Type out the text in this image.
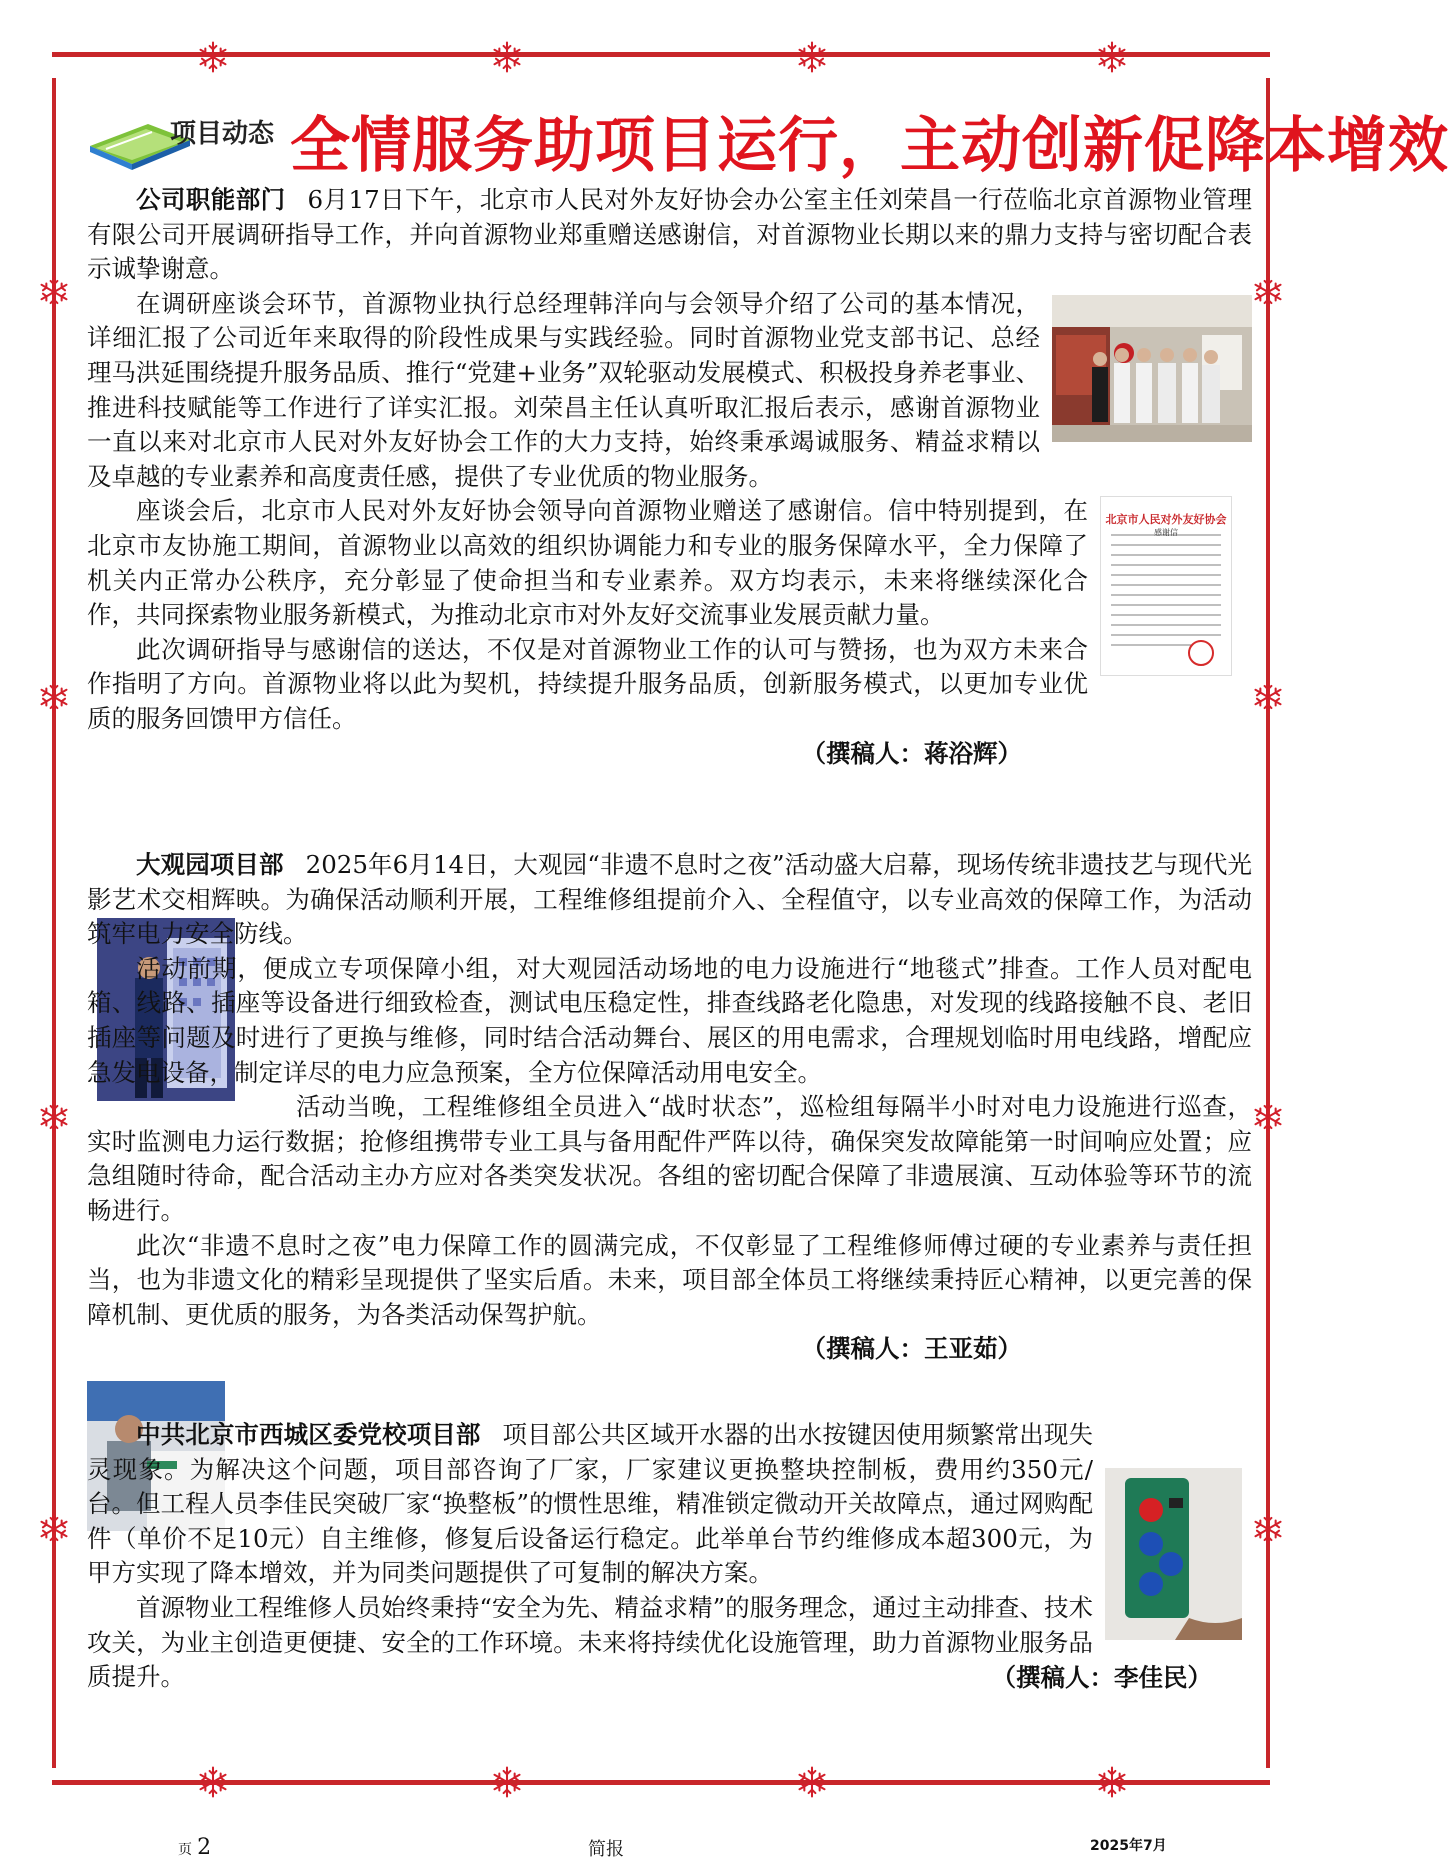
项目动态 全情服务助项目运行，主动创新促降本增效

公司职能部门 6月17日下午，北京市人民对外友好协会办公室主任刘荣昌一行莅临北京首源物业管理有限公司开展调研指导工作，并向首源物业郑重赠送感谢信，对首源物业长期以来的鼎力支持与密切配合表示诚挚谢意。

在调研座谈会环节，首源物业执行总经理韩洋向与会领导介绍了公司的基本情况，详细汇报了公司近年来取得的阶段性成果与实践经验。同时首源物业党支部书记、总经理马洪延围绕提升服务品质、推行“党建+业务”双轮驱动发展模式、积极投身养老事业、推进科技赋能等工作进行了详实汇报。刘荣昌主任认真听取汇报后表示，感谢首源物业一直以来对北京市人民对外友好协会工作的大力支持，始终秉承竭诚服务、精益求精以及卓越的专业素养和高度责任感，提供了专业优质的物业服务。

北京市人民对外友好协会
感谢信

座谈会后，北京市人民对外友好协会领导向首源物业赠送了感谢信。信中特别提到，在北京市友协施工期间，首源物业以高效的组织协调能力和专业的服务保障水平，全力保障了机关内正常办公秩序，充分彰显了使命担当和专业素养。双方均表示，未来将继续深化合作，共同探索物业服务新模式，为推动北京市对外友好交流事业发展贡献力量。

此次调研指导与感谢信的送达，不仅是对首源物业工作的认可与赞扬，也为双方未来合作指明了方向。首源物业将以此为契机，持续提升服务品质，创新服务模式，以更加专业优质的服务回馈甲方信任。

（撰稿人：蒋浴辉）

大观园项目部 2025年6月14日，大观园“非遗不息时之夜”活动盛大启幕，现场传统非遗技艺与现代光影艺术交相辉映。为确保活动顺利开展，工程维修组提前介入、全程值守，以专业高效的保障工作，为活动筑牢电力安全防线。

活动前期，便成立专项保障小组，对大观园活动场地的电力设施进行“地毯式”排查。工作人员对配电箱、线路、插座等设备进行细致检查，测试电压稳定性，排查线路老化隐患，对发现的线路接触不良、老旧插座等问题及时进行了更换与维修，同时结合活动舞台、展区的用电需求，合理规划临时用电线路，增配应急发电设备，制定详尽的电力应急预案，全方位保障活动用电安全。

活动当晚，工程维修组全员进入“战时状态”，巡检组每隔半小时对电力设施进行巡查，实时监测电力运行数据；抢修组携带专业工具与备用配件严阵以待，确保突发故障能第一时间响应处置；应急组随时待命，配合活动主办方应对各类突发状况。各组的密切配合保障了非遗展演、互动体验等环节的流畅进行。

此次“非遗不息时之夜”电力保障工作的圆满完成，不仅彰显了工程维修师傅过硬的专业素养与责任担当，也为非遗文化的精彩呈现提供了坚实后盾。未来，项目部全体员工将继续秉持匠心精神，以更完善的保障机制、更优质的服务，为各类活动保驾护航。

（撰稿人：王亚茹）

中共北京市西城区委党校项目部 项目部公共区域开水器的出水按键因使用频繁常出现失灵现象。为解决这个问题，项目部咨询了厂家，厂家建议更换整块控制板，费用约350元/台。但工程人员李佳民突破厂家“换整板”的惯性思维，精准锁定微动开关故障点，通过网购配件（单价不足10元）自主维修，修复后设备运行稳定。此举单台节约维修成本超300元，为甲方实现了降本增效，并为同类问题提供了可复制的解决方案。

首源物业工程维修人员始终秉持“安全为先、精益求精”的服务理念，通过主动排查、技术攻关，为业主创造更便捷、安全的工作环境。未来将持续优化设施管理，助力首源物业服务品质提升。	（撰稿人：李佳民）
页 2	简报	2025年7月
